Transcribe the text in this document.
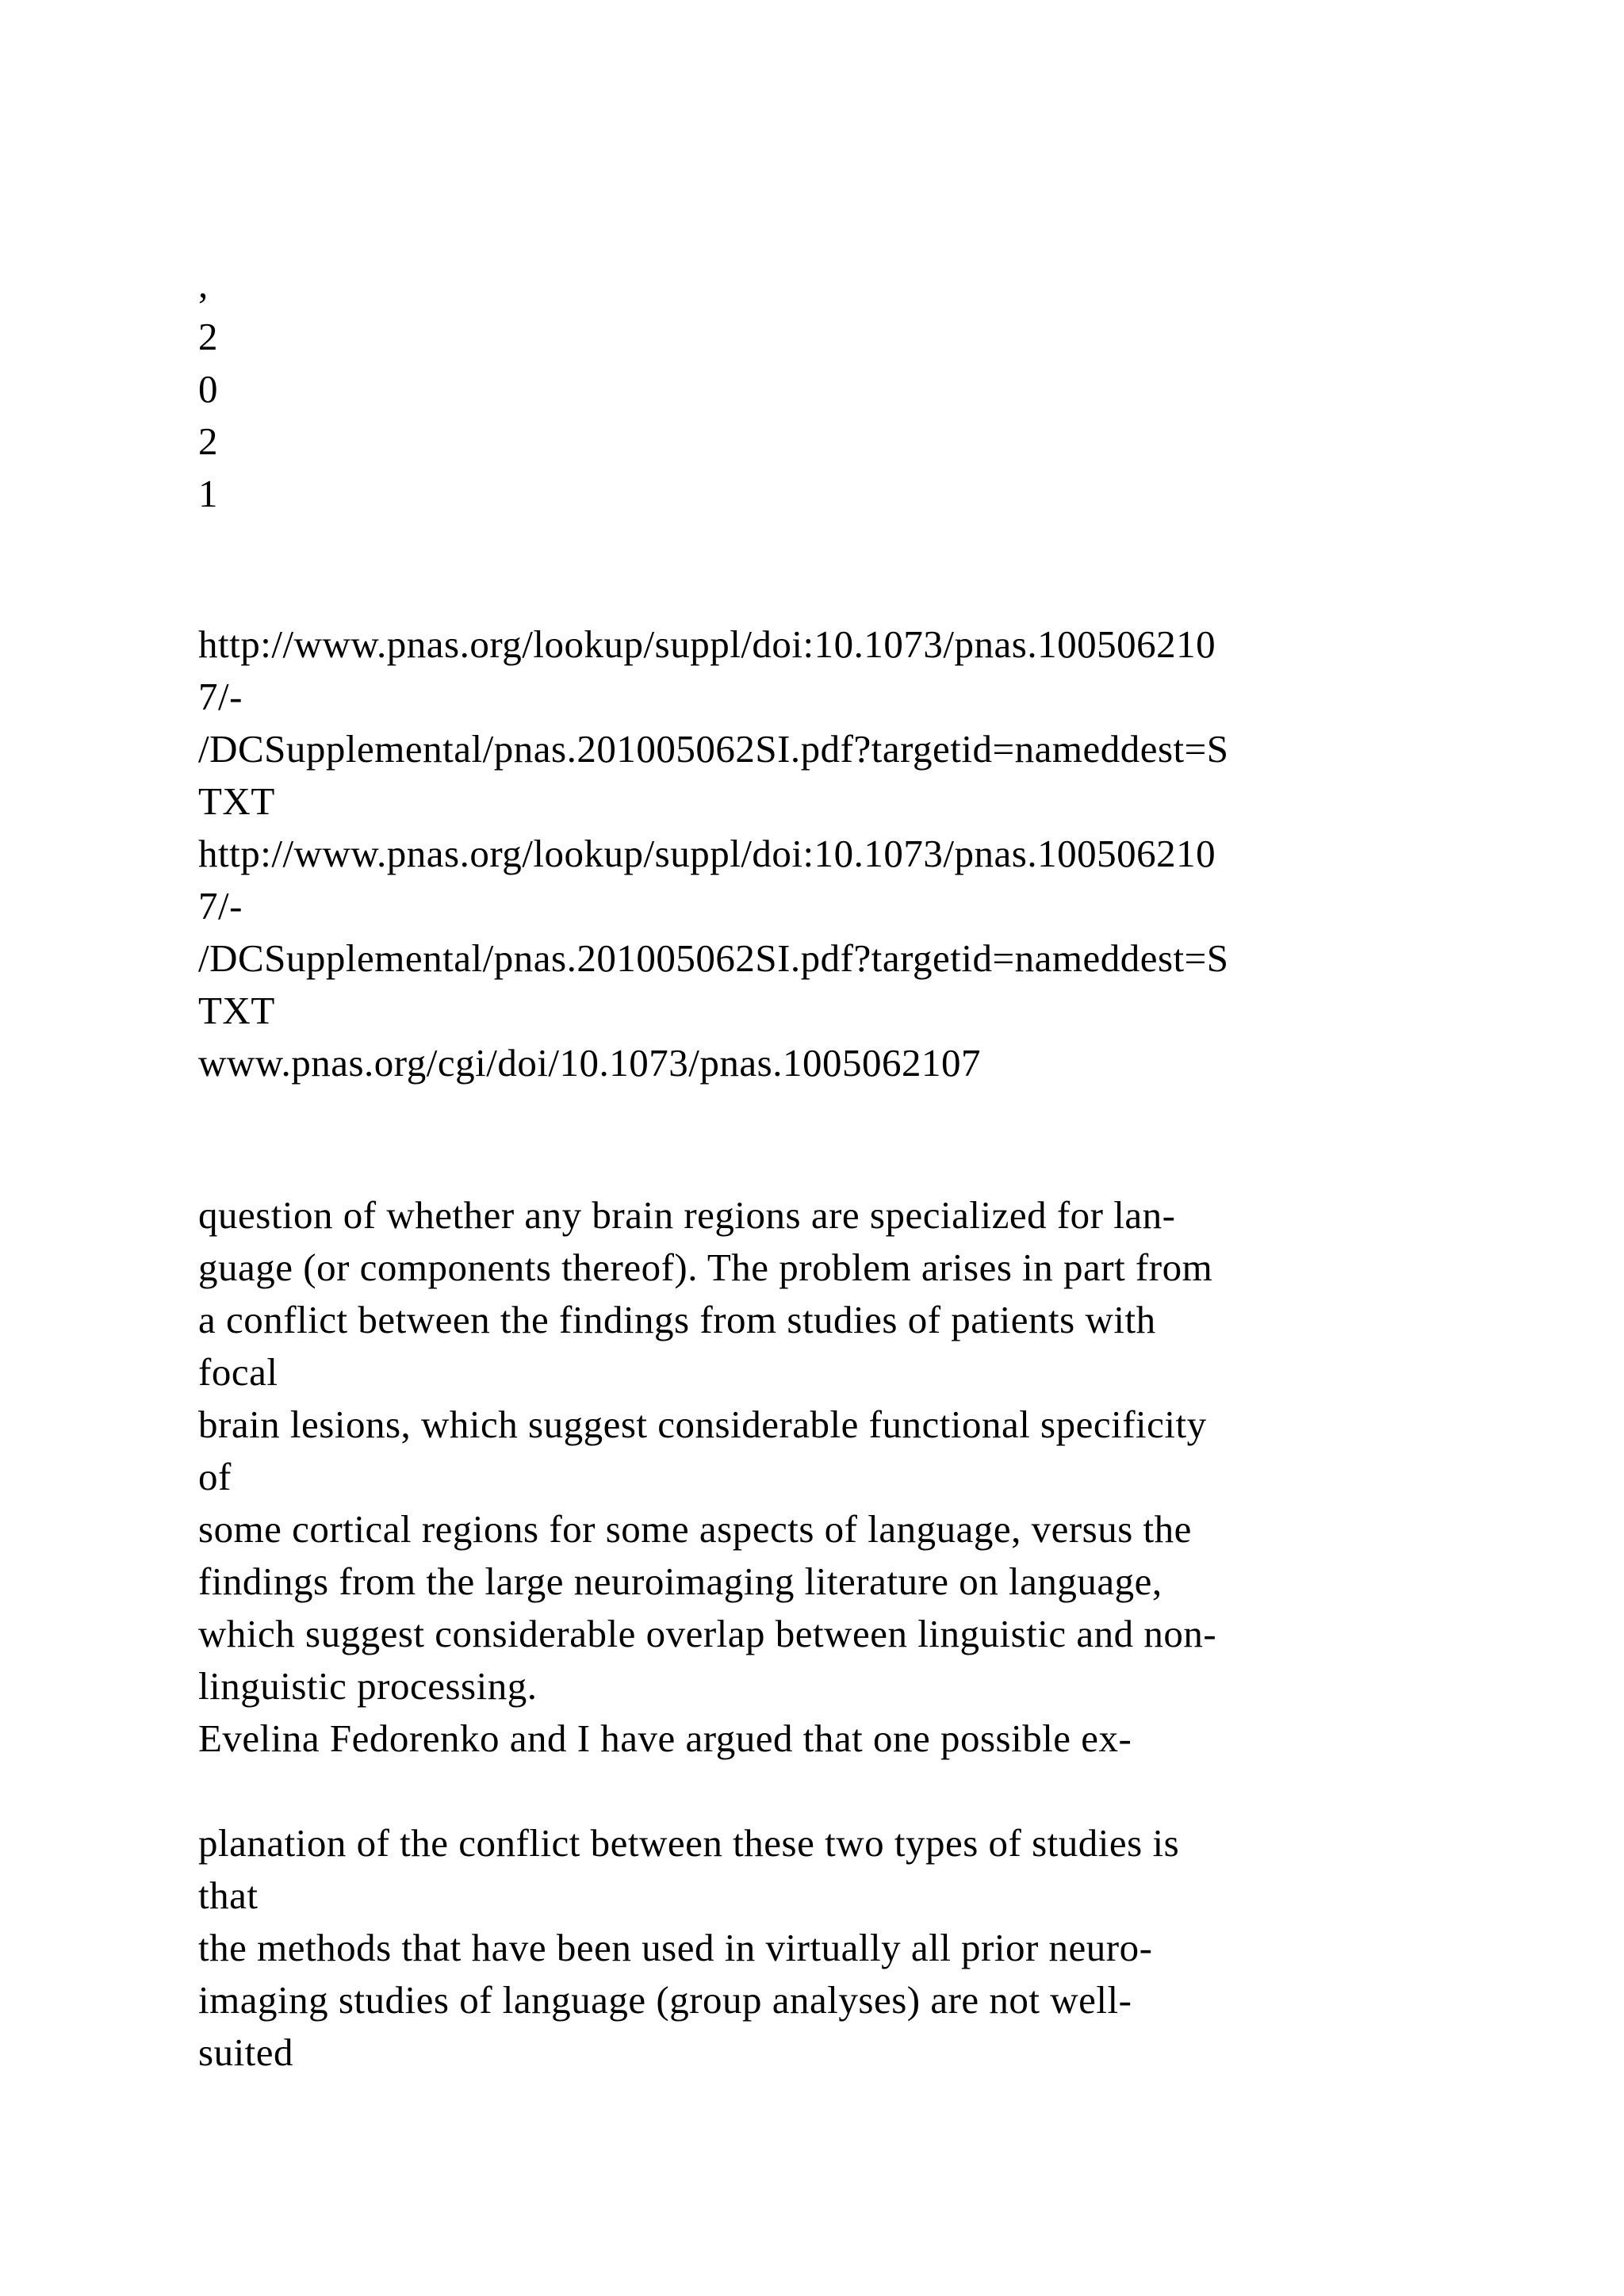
,
2
0
2
1
http://www.pnas.org/lookup/suppl/doi:10.1073/pnas.100506210
7/-
/DCSupplemental/pnas.201005062SI.pdf?targetid=nameddest=S
TXT
http://www.pnas.org/lookup/suppl/doi:10.1073/pnas.100506210
7/-
/DCSupplemental/pnas.201005062SI.pdf?targetid=nameddest=S
TXT
www.pnas.org/cgi/doi/10.1073/pnas.1005062107
question of whether any brain regions are specialized for lan-
guage (or components thereof). The problem arises in part from
a conflict between the findings from studies of patients with
focal
brain lesions, which suggest considerable functional specificity
of
some cortical regions for some aspects of language, versus the
findings from the large neuroimaging literature on language,
which suggest considerable overlap between linguistic and non-
linguistic processing.
Evelina Fedorenko and I have argued that one possible ex-
planation of the conflict between these two types of studies is
that
the methods that have been used in virtually all prior neuro-
imaging studies of language (group analyses) are not well-
suited
